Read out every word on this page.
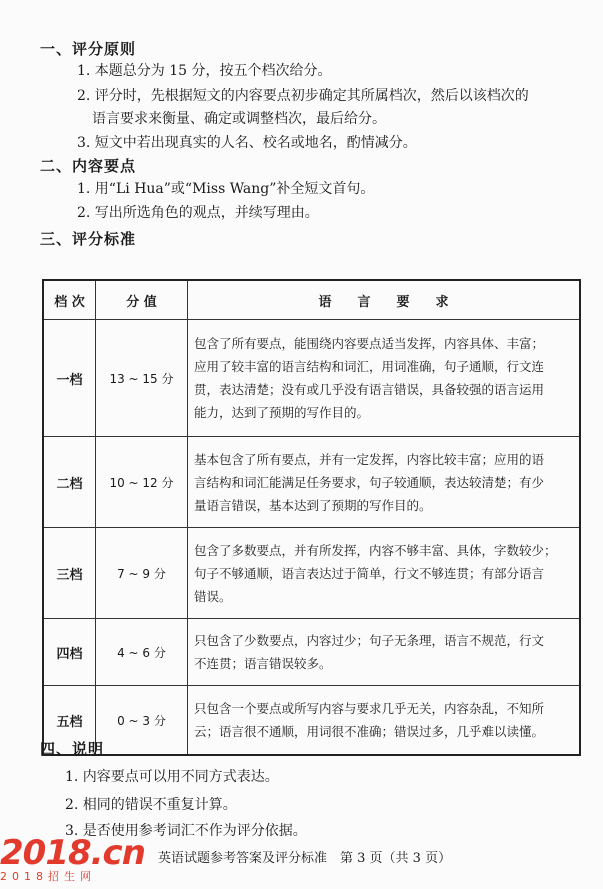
一、评分原则
1. 本题总分为 15 分，按五个档次给分。
2. 评分时，先根据短文的内容要点初步确定其所属档次，然后以该档次的
语言要求来衡量、确定或调整档次，最后给分。
3. 短文中若出现真实的人名、校名或地名，酌情减分。
二、内容要点
1. 用“Li Hua”或“Miss Wang”补全短文首句。
2. 写出所选角色的观点，并续写理由。
三、评分标准
档 次	分 值	语　　言　　要　　求
一档	13 ~ 15 分	包含了所有要点，能围绕内容要点适当发挥，内容具体、丰富；
应用了较丰富的语言结构和词汇，用词准确，句子通顺，行文连
贯，表达清楚；没有或几乎没有语言错误，具备较强的语言运用
能力，达到了预期的写作目的。

二档	10 ~ 12 分	基本包含了所有要点，并有一定发挥，内容比较丰富；应用的语
言结构和词汇能满足任务要求，句子较通顺，表达较清楚；有少
量语言错误，基本达到了预期的写作目的。

三档	7 ~ 9 分	包含了多数要点，并有所发挥，内容不够丰富、具体，字数较少；
句子不够通顺，语言表达过于简单，行文不够连贯；有部分语言
错误。

四档	4 ~ 6 分	只包含了少数要点，内容过少；句子无条理，语言不规范，行文
不连贯；语言错误较多。

五档	0 ~ 3 分	只包含一个要点或所写内容与要求几乎无关，内容杂乱，不知所
云；语言很不通顺，用词很不准确；错误过多，几乎难以读懂。
四、说明
1. 内容要点可以用不同方式表达。
2. 相同的错误不重复计算。
3. 是否使用参考词汇不作为评分依据。
英语试题参考答案及评分标准　第 3 页（共 3 页）
2018.cn
2018招生网
